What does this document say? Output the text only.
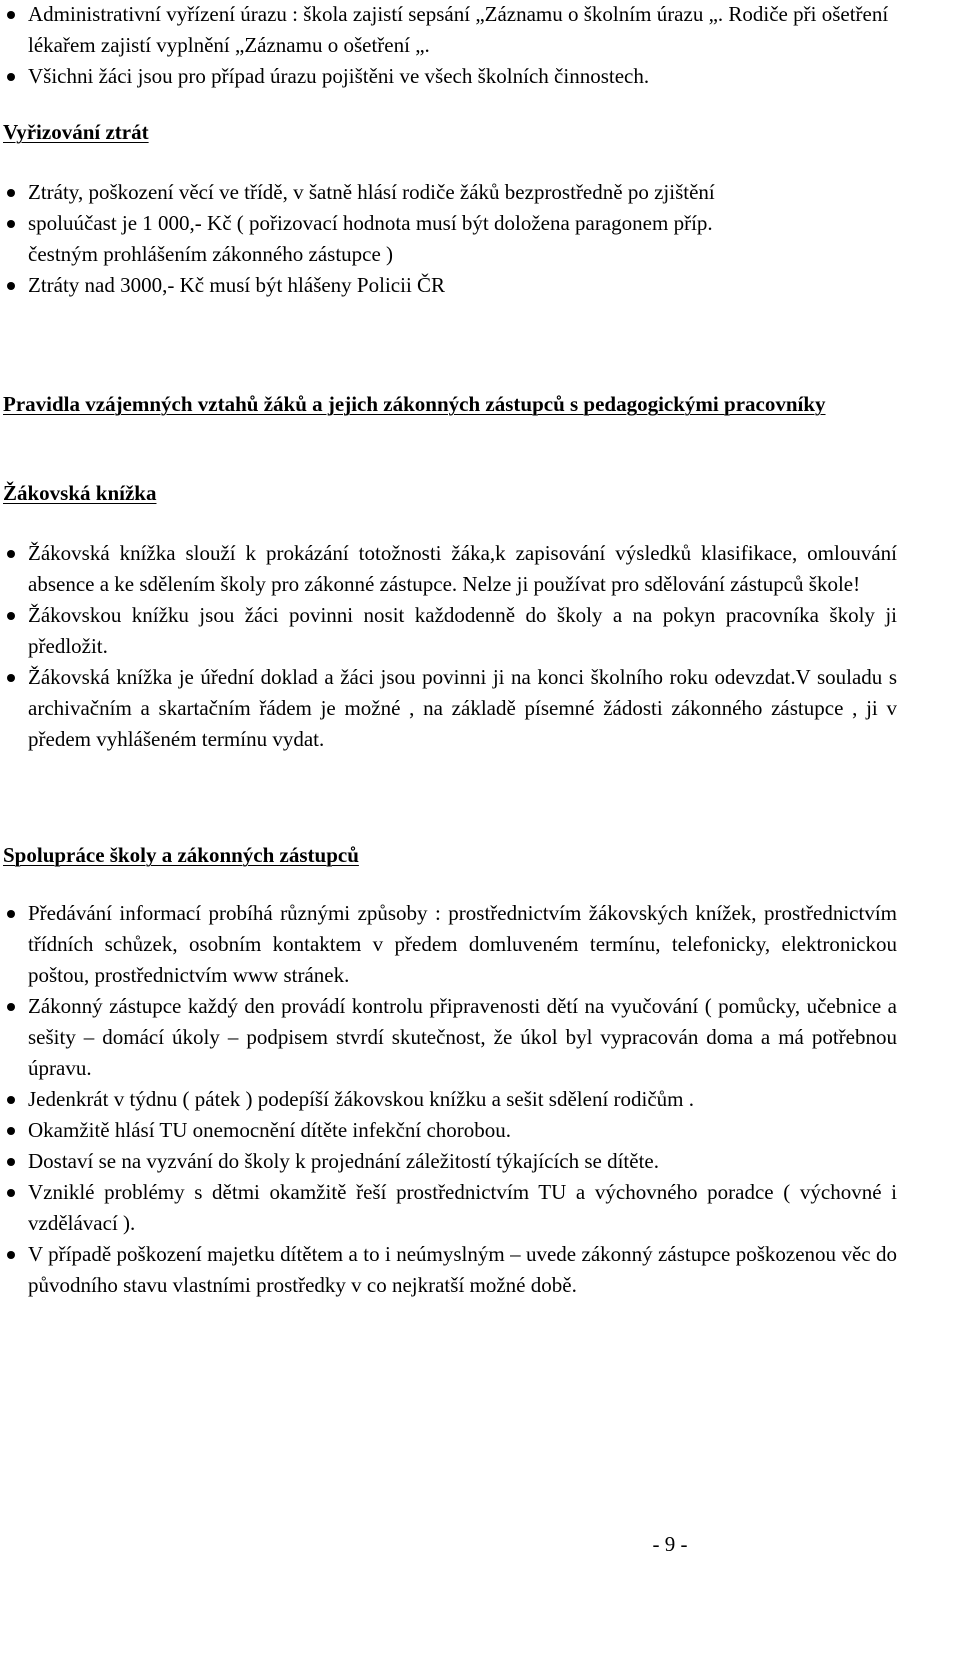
Administrativní vyřízení úrazu : škola zajistí sepsání „Záznamu o školním úrazu „. Rodiče při ošetření lékařem zajistí vyplnění „Záznamu o ošetření „.
Všichni žáci jsou pro případ úrazu pojištěni ve všech školních činnostech.
Vyřizování ztrát
Ztráty, poškození věcí ve třídě, v šatně hlásí rodiče žáků bezprostředně po zjištění
spoluúčast je 1 000,- Kč ( pořizovací hodnota musí být doložena paragonem příp.
čestným prohlášením zákonného zástupce )
Ztráty nad 3000,- Kč musí být hlášeny Policii ČR
Pravidla vzájemných vztahů žáků a jejich zákonných zástupců s pedagogickými pracovníky
Žákovská knížka
Žákovská knížka slouží k prokázání totožnosti žáka,k zapisování výsledků klasifikace, omlouvání absence a ke sdělením školy pro zákonné zástupce. Nelze ji používat pro sdělování zástupců škole!
Žákovskou knížku jsou žáci povinni nosit každodenně do školy a na pokyn pracovníka školy ji předložit.
Žákovská knížka je úřední doklad a žáci jsou povinni ji na konci školního roku odevzdat.V souladu s archivačním a skartačním řádem je možné , na základě písemné žádosti zákonného zástupce , ji v předem vyhlášeném termínu vydat.
Spolupráce školy a zákonných zástupců
Předávání informací probíhá různými způsoby : prostřednictvím žákovských knížek, prostřednictvím třídních schůzek, osobním kontaktem v předem domluveném termínu, telefonicky, elektronickou poštou, prostřednictvím www stránek.
Zákonný zástupce každý den provádí kontrolu připravenosti dětí na vyučování ( pomůcky, učebnice a sešity – domácí úkoly – podpisem stvrdí skutečnost, že úkol byl vypracován doma a má potřebnou úpravu.
Jedenkrát v týdnu ( pátek ) podepíší žákovskou knížku a sešit sdělení rodičům .
Okamžitě hlásí TU onemocnění dítěte infekční chorobou.
Dostaví se na vyzvání do školy k projednání záležitostí týkajících se dítěte.
Vzniklé problémy s dětmi okamžitě řeší prostřednictvím TU a výchovného poradce ( výchovné i vzdělávací ).
V případě poškození majetku dítětem a to i neúmyslným – uvede zákonný zástupce poškozenou věc do původního stavu vlastními prostředky v co nejkratší možné době.
- 9 -
